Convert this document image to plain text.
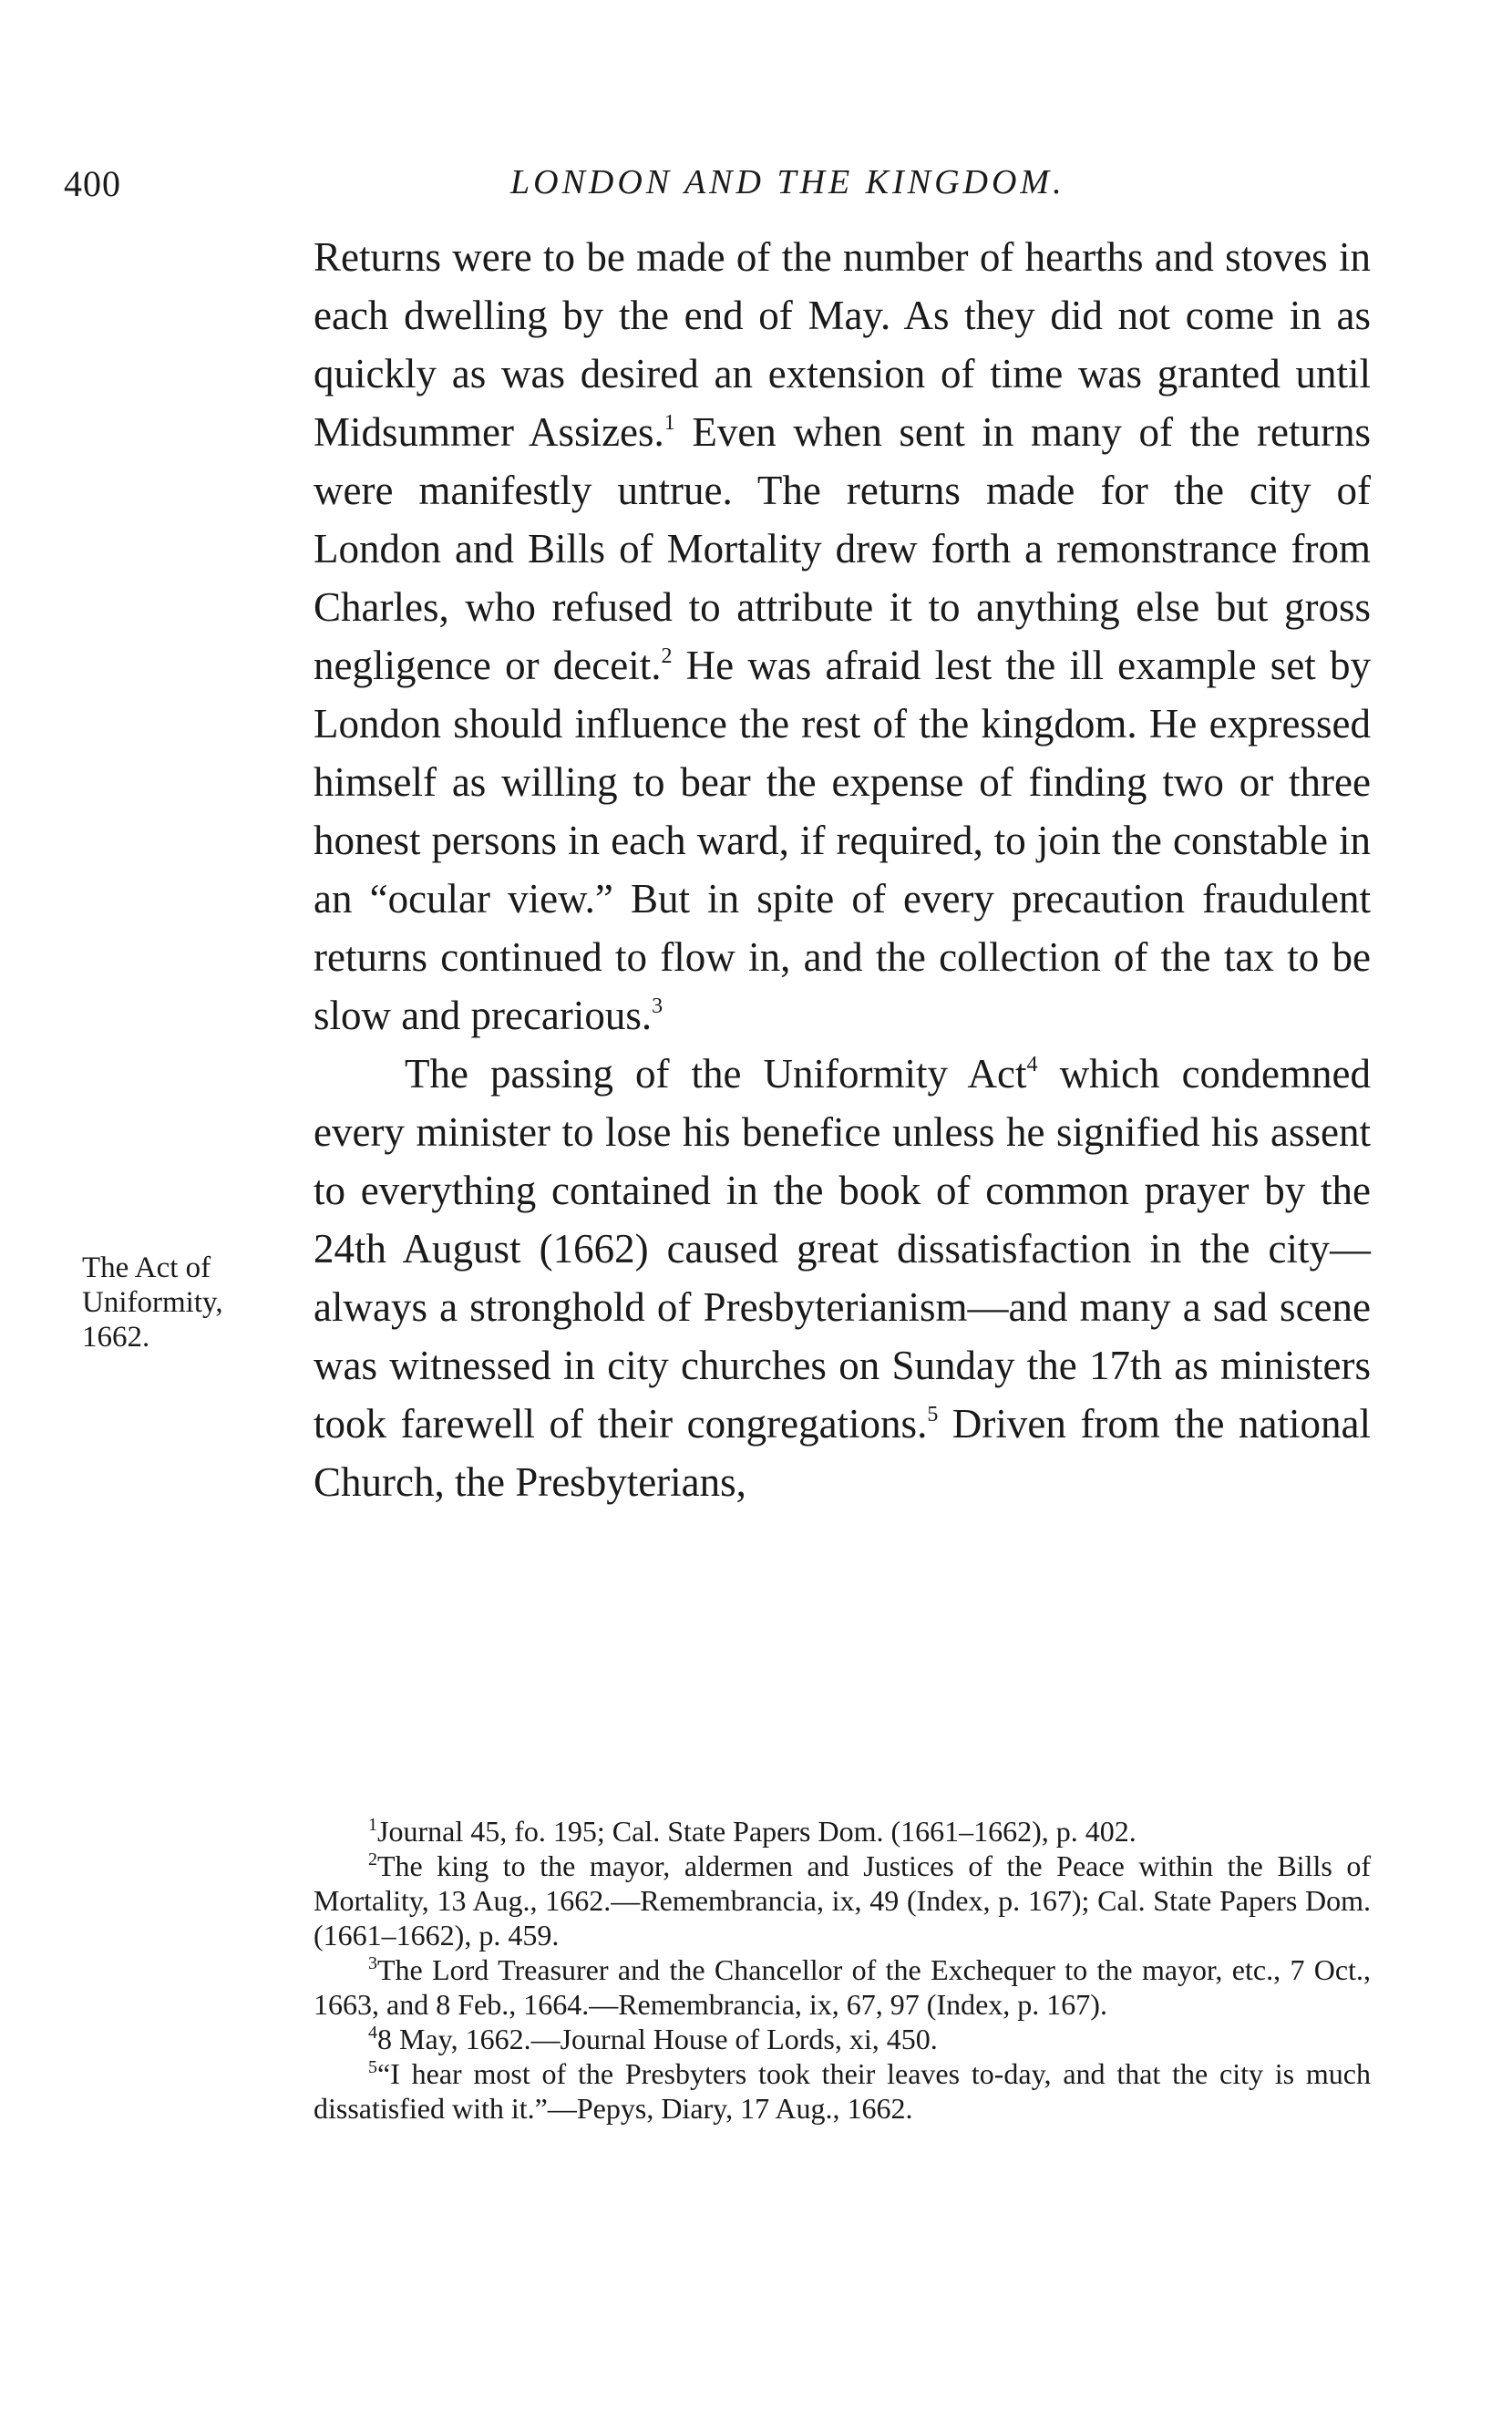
400	LONDON AND THE KINGDOM.

Returns were to be made of the number of hearths and stoves in each dwelling by the end of May. As they did not come in as quickly as was desired an extension of time was granted until Midsummer Assizes.$^1$ Even when sent in many of the returns were manifestly untrue. The returns made for the city of London and Bills of Mortality drew forth a remonstrance from Charles, who refused to attribute it to anything else but gross negligence or deceit.$^2$ He was afraid lest the ill example set by London should influence the rest of the kingdom. He expressed himself as willing to bear the expense of finding two or three honest persons in each ward, if required, to join the constable in an “ocular view.” But in spite of every precaution fraudulent returns continued to flow in, and the collection of the tax to be slow and precarious.$^3$

The passing of the Uniformity Act$^4$ which condemned every minister to lose his benefice unless he signified his assent to everything contained in the book of common prayer by the 24th August (1662) caused great dissatisfaction in the city—always a stronghold of Presbyterianism—and many a sad scene was witnessed in city churches on Sunday the 17th as ministers took farewell of their congregations.$^5$ Driven from the national Church, the Presbyterians,

The Act of
Uniformity,
1662.

$^1$Journal 45, fo. 195; Cal. State Papers Dom. (1661–1662), p. 402.

$^2$The king to the mayor, aldermen and Justices of the Peace within the Bills of Mortality, 13 Aug., 1662.—Remembrancia, ix, 49 (Index, p. 167); Cal. State Papers Dom. (1661–1662), p. 459.

$^3$The Lord Treasurer and the Chancellor of the Exchequer to the mayor, etc., 7 Oct., 1663, and 8 Feb., 1664.—Remembrancia, ix, 67, 97 (Index, p. 167).

$^4$8 May, 1662.—Journal House of Lords, xi, 450.

$^5$“I hear most of the Presbyters took their leaves to-day, and that the city is much dissatisfied with it.”—Pepys, Diary, 17 Aug., 1662.
